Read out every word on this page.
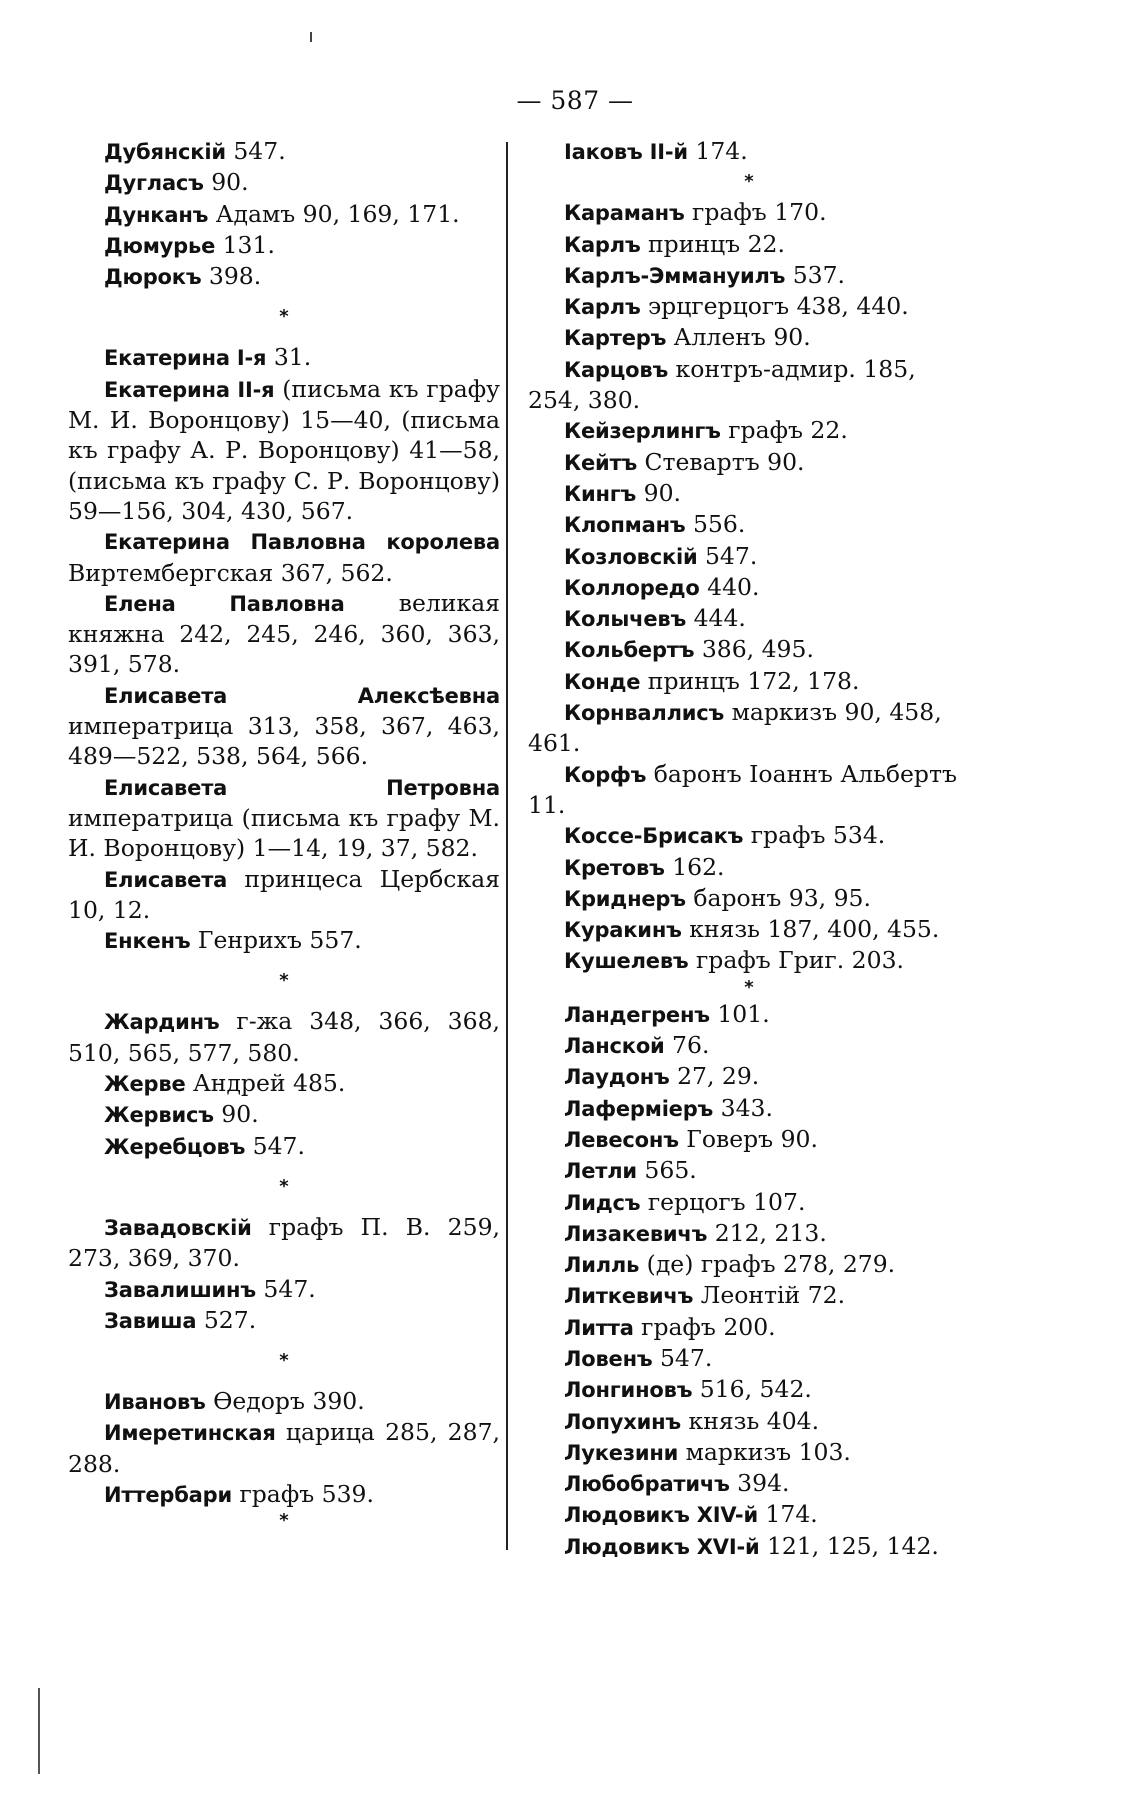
— 587 —
Дубянскій 547.
Дугласъ 90.
Дунканъ Адамъ 90, 169, 171.
Дюмурье 131.
Дюрокъ 398.
*
Екатерина І-я 31.
Екатерина ІІ-я (письма къ графу М. И. Воронцову) 15—40, (письма къ графу А. Р. Воронцову) 41—58, (письма къ графу С. Р. Воронцову) 59—156, 304, 430, 567.
Екатерина Павловна королева Виртембергская 367, 562.
Елена Павловна великая княжна 242, 245, 246, 360, 363, 391, 578.
Елисавета Алексѣевна императрица 313, 358, 367, 463, 489—522, 538, 564, 566.
Елисавета Петровна императрица (письма къ графу М. И. Воронцову) 1—14, 19, 37, 582.
Елисавета принцеса Цербская 10, 12.
Енкенъ Генрихъ 557.
*
Жардинъ г-жа 348, 366, 368, 510, 565, 577, 580.
Жерве Андрей 485.
Жервисъ 90.
Жеребцовъ 547.
*
Завадовскій графъ П. В. 259, 273, 369, 370.
Завалишинъ 547.
Завиша 527.
*
Ивановъ Ѳедоръ 390.
Имеретинская царица 285, 287, 288.
Иттербари графъ 539.
*
Іаковъ ІІ-й 174.
*
Караманъ графъ 170.
Карлъ принцъ 22.
Карлъ-Эммануилъ 537.
Карлъ эрцгерцогъ 438, 440.
Картеръ Алленъ 90.
Карцовъ контръ-адмир. 185, 254, 380.
Кейзерлингъ графъ 22.
Кейтъ Стевартъ 90.
Кингъ 90.
Клопманъ 556.
Козловскій 547.
Коллоредо 440.
Колычевъ 444.
Кольбертъ 386, 495.
Конде принцъ 172, 178.
Корнваллисъ маркизъ 90, 458, 461.
Корфъ баронъ Іоаннъ Альбертъ 11.
Коссе-Брисакъ графъ 534.
Кретовъ 162.
Криднеръ баронъ 93, 95.
Куракинъ князь 187, 400, 455.
Кушелевъ графъ Григ. 203.
*
Ландегренъ 101.
Ланской 76.
Лаудонъ 27, 29.
Лаферміеръ 343.
Левесонъ Говеръ 90.
Летли 565.
Лидсъ герцогъ 107.
Лизакевичъ 212, 213.
Лилль (де) графъ 278, 279.
Литкевичъ Леонтій 72.
Литта графъ 200.
Ловенъ 547.
Лонгиновъ 516, 542.
Лопухинъ князь 404.
Лукезини маркизъ 103.
Любобратичъ 394.
Людовикъ XIV-й 174.
Людовикъ XVI-й 121, 125, 142.
